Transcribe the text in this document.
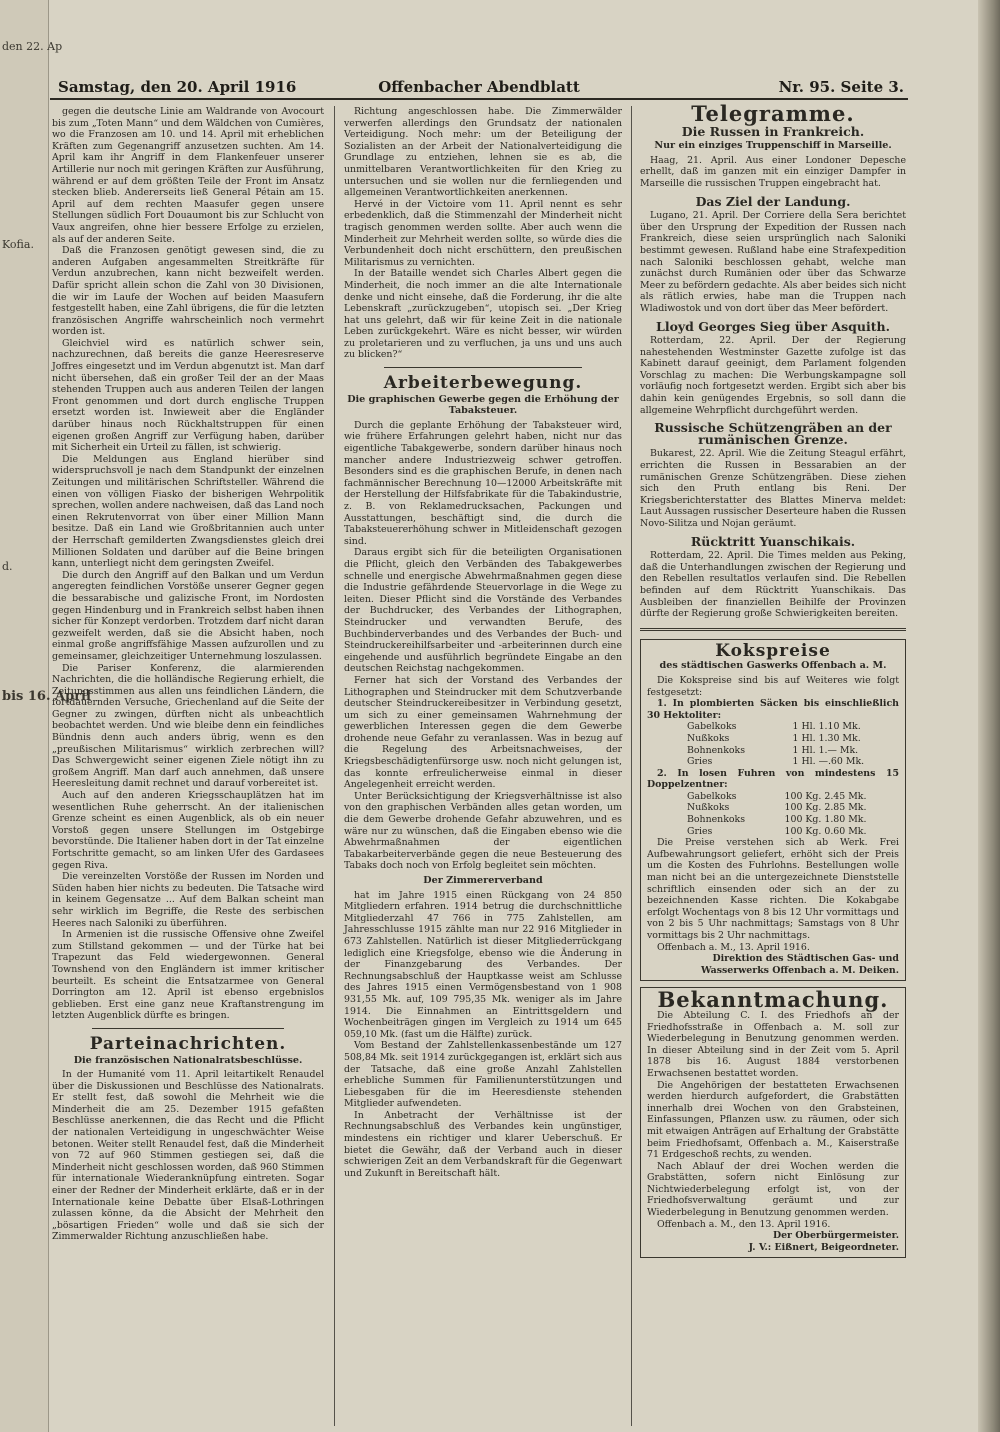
den 22. Ap
d.
Kofia.
bis 16. April
Samstag, den 20. April 1916	Offenbacher Abendblatt	Nr. 95. Seite 3.

gegen die deutsche Linie am Waldrande von Avocourt bis zum „Toten Mann“ und dem Wäldchen von Cumières, wo die Franzosen am 10. und 14. April mit erheblichen Kräften zum Gegenangriff anzusetzen suchten. Am 14. April kam ihr Angriff in dem Flankenfeuer unserer Artillerie nur noch mit geringen Kräften zur Ausführung, während er auf dem größten Teile der Front im Ansatz stecken blieb. Andererseits ließ General Pétain am 15. April auf dem rechten Maasufer gegen unsere Stellungen südlich Fort Douaumont bis zur Schlucht von Vaux angreifen, ohne hier bessere Erfolge zu erzielen, als auf der anderen Seite.

Daß die Franzosen genötigt gewesen sind, die zu anderen Aufgaben angesammelten Streitkräfte für Verdun anzubrechen, kann nicht bezweifelt werden. Dafür spricht allein schon die Zahl von 30 Divisionen, die wir im Laufe der Wochen auf beiden Maasufern festgestellt haben, eine Zahl übrigens, die für die letzten französischen Angriffe wahrscheinlich noch vermehrt worden ist.

Gleichviel wird es natürlich schwer sein, nachzurechnen, daß bereits die ganze Heeresreserve Joffres eingesetzt und im Verdun abgenutzt ist. Man darf nicht übersehen, daß ein großer Teil der an der Maas stehenden Truppen auch aus anderen Teilen der langen Front genommen und dort durch englische Truppen ersetzt worden ist. Inwieweit aber die Engländer darüber hinaus noch Rückhaltstruppen für einen eigenen großen Angriff zur Verfügung haben, darüber mit Sicherheit ein Urteil zu fällen, ist schwierig.

Die Meldungen aus England hierüber sind widerspruchsvoll je nach dem Standpunkt der einzelnen Zeitungen und militärischen Schriftsteller. Während die einen von völligen Fiasko der bisherigen Wehrpolitik sprechen, wollen andere nachweisen, daß das Land noch einen Rekrutenvorrat von über einer Million Mann besitze. Daß ein Land wie Großbritannien auch unter der Herrschaft gemilderten Zwangsdienstes gleich drei Millionen Soldaten und darüber auf die Beine bringen kann, unterliegt nicht dem geringsten Zweifel.

Die durch den Angriff auf den Balkan und um Verdun angeregten feindlichen Vorstöße unserer Gegner gegen die bessarabische und galizische Front, im Nordosten gegen Hindenburg und in Frankreich selbst haben ihnen sicher für Konzept verdorben. Trotzdem darf nicht daran gezweifelt werden, daß sie die Absicht haben, noch einmal große angriffsfähige Massen aufzurollen und zu gemeinsamer, gleichzeitiger Unternehmung loszulassen.

Die Pariser Konferenz, die alarmierenden Nachrichten, die die holländische Regierung erhielt, die Zeitungsstimmen aus allen uns feindlichen Ländern, die fortdauernden Versuche, Griechenland auf die Seite der Gegner zu zwingen, dürften nicht als unbeachtlich beobachtet werden. Und wie bleibe denn ein feindliches Bündnis denn auch anders übrig, wenn es den „preußischen Militarismus“ wirklich zerbrechen will? Das Schwergewicht seiner eigenen Ziele nötigt ihn zu großem Angriff. Man darf auch annehmen, daß unsere Heeresleitung damit rechnet und darauf vorbereitet ist.

Auch auf den anderen Kriegsschauplätzen hat im wesentlichen Ruhe geherrscht. An der italienischen Grenze scheint es einen Augenblick, als ob ein neuer Vorstoß gegen unsere Stellungen im Ostgebirge bevorstünde. Die Italiener haben dort in der Tat einzelne Fortschritte gemacht, so am linken Ufer des Gardasees gegen Riva.

Die vereinzelten Vorstöße der Russen im Norden und Süden haben hier nichts zu bedeuten. Die Tatsache wird in keinem Gegensatze ... Auf dem Balkan scheint man sehr wirklich im Begriffe, die Reste des serbischen Heeres nach Saloniki zu überführen.

In Armenien ist die russische Offensive ohne Zweifel zum Stillstand gekommen — und der Türke hat bei Trapezunt das Feld wiedergewonnen. General Townshend von den Engländern ist immer kritischer beurteilt. Es scheint die Entsatzarmee von General Dorrington am 12. April ist ebenso ergebnislos geblieben. Erst eine ganz neue Kraftanstrengung im letzten Augenblick dürfte es bringen.

Parteinachrichten.
Die französischen Nationalratsbeschlüsse.

In der Humanité vom 11. April leitartikelt Renaudel über die Diskussionen und Beschlüsse des Nationalrats. Er stellt fest, daß sowohl die Mehrheit wie die Minderheit die am 25. Dezember 1915 gefaßten Beschlüsse anerkennen, die das Recht und die Pflicht der nationalen Verteidigung in ungeschwächter Weise betonen. Weiter stellt Renaudel fest, daß die Minderheit von 72 auf 960 Stimmen gestiegen sei, daß die Minderheit nicht geschlossen worden, daß 960 Stimmen für internationale Wiederanknüpfung eintreten. Sogar einer der Redner der Minderheit erklärte, daß er in der Internationale keine Debatte über Elsaß-Lothringen zulassen könne, da die Absicht der Mehrheit den „bösartigen Frieden“ wolle und daß sie sich der Zimmerwalder Richtung anzuschließen habe.

Richtung angeschlossen habe. Die Zimmerwälder verwerfen allerdings den Grundsatz der nationalen Verteidigung. Noch mehr: um der Beteiligung der Sozialisten an der Arbeit der Nationalverteidigung die Grundlage zu entziehen, lehnen sie es ab, die unmittelbaren Verantwortlichkeiten für den Krieg zu untersuchen und sie wollen nur die fernliegenden und allgemeinen Verantwortlichkeiten anerkennen.

Hervé in der Victoire vom 11. April nennt es sehr erbedenklich, daß die Stimmenzahl der Minderheit nicht tragisch genommen werden sollte. Aber auch wenn die Minderheit zur Mehrheit werden sollte, so würde dies die Verbundenheit doch nicht erschüttern, den preußischen Militarismus zu vernichten.

In der Bataille wendet sich Charles Albert gegen die Minderheit, die noch immer an die alte Internationale denke und nicht einsehe, daß die Forderung, ihr die alte Lebenskraft „zurückzugeben“, utopisch sei. „Der Krieg hat uns gelehrt, daß wir für keine Zeit in die nationale Leben zurückgekehrt. Wäre es nicht besser, wir würden zu proletarieren und zu verfluchen, ja uns und uns auch zu blicken?“

Arbeiterbewegung.
Die graphischen Gewerbe gegen die Erhöhung der Tabaksteuer.

Durch die geplante Erhöhung der Tabaksteuer wird, wie frühere Erfahrungen gelehrt haben, nicht nur das eigentliche Tabakgewerbe, sondern darüber hinaus noch mancher andere Industriezweig schwer getroffen. Besonders sind es die graphischen Berufe, in denen nach fachmännischer Berechnung 10—12000 Arbeitskräfte mit der Herstellung der Hilfsfabrikate für die Tabakindustrie, z. B. von Reklamedrucksachen, Packungen und Ausstattungen, beschäftigt sind, die durch die Tabaksteuererhöhung schwer in Mitleidenschaft gezogen sind.

Daraus ergibt sich für die beteiligten Organisationen die Pflicht, gleich den Verbänden des Tabakgewerbes schnelle und energische Abwehrmaßnahmen gegen diese die Industrie gefährdende Steuervorlage in die Wege zu leiten. Dieser Pflicht sind die Vorstände des Verbandes der Buchdrucker, des Verbandes der Lithographen, Steindrucker und verwandten Berufe, des Buchbinderverbandes und des Verbandes der Buch- und Steindruckereihilfsarbeiter und -arbeiterinnen durch eine eingehende und ausführlich begründete Eingabe an den deutschen Reichstag nachgekommen.

Ferner hat sich der Vorstand des Verbandes der Lithographen und Steindrucker mit dem Schutzverbande deutscher Steindruckereibesitzer in Verbindung gesetzt, um sich zu einer gemeinsamen Wahrnehmung der gewerblichen Interessen gegen die dem Gewerbe drohende neue Gefahr zu veranlassen. Was in bezug auf die Regelung des Arbeitsnachweises, der Kriegsbeschädigtenfürsorge usw. noch nicht gelungen ist, das konnte erfreulicherweise einmal in dieser Angelegenheit erreicht werden.

Unter Berücksichtigung der Kriegsverhältnisse ist also von den graphischen Verbänden alles getan worden, um die dem Gewerbe drohende Gefahr abzuwehren, und es wäre nur zu wünschen, daß die Eingaben ebenso wie die Abwehrmaßnahmen der eigentlichen Tabakarbeiterverbände gegen die neue Besteuerung des Tabaks doch noch von Erfolg begleitet sein möchten.

Der Zimmererverband

hat im Jahre 1915 einen Rückgang von 24 850 Mitgliedern erfahren. 1914 betrug die durchschnittliche Mitgliederzahl 47 766 in 775 Zahlstellen, am Jahresschlusse 1915 zählte man nur 22 916 Mitglieder in 673 Zahlstellen. Natürlich ist dieser Mitgliederrückgang lediglich eine Kriegsfolge, ebenso wie die Änderung in der Finanzgebarung des Verbandes. Der Rechnungsabschluß der Hauptkasse weist am Schlusse des Jahres 1915 einen Vermögensbestand von 1 908 931,55 Mk. auf, 109 795,35 Mk. weniger als im Jahre 1914. Die Einnahmen an Eintrittsgeldern und Wochenbeiträgen gingen im Vergleich zu 1914 um 645 059,10 Mk. (fast um die Hälfte) zurück.

Vom Bestand der Zahlstellenkassenbestände um 127 508,84 Mk. seit 1914 zurückgegangen ist, erklärt sich aus der Tatsache, daß eine große Anzahl Zahlstellen erhebliche Summen für Familienunterstützungen und Liebesgaben für die im Heeresdienste stehenden Mitglieder aufwendeten.

In Anbetracht der Verhältnisse ist der Rechnungsabschluß des Verbandes kein ungünstiger, mindestens ein richtiger und klarer Ueberschuß. Er bietet die Gewähr, daß der Verband auch in dieser schwierigen Zeit an dem Verbandskraft für die Gegenwart und Zukunft in Bereitschaft hält.

Telegramme.
Die Russen in Frankreich.
Nur ein einziges Truppenschiff in Marseille.

Haag, 21. April. Aus einer Londoner Depesche erhellt, daß im ganzen mit ein einziger Dampfer in Marseille die russischen Truppen eingebracht hat.

Das Ziel der Landung.

Lugano, 21. April. Der Corriere della Sera berichtet über den Ursprung der Expedition der Russen nach Frankreich, diese seien ursprünglich nach Saloniki bestimmt gewesen. Rußland habe eine Strafexpedition nach Saloniki beschlossen gehabt, welche man zunächst durch Rumänien oder über das Schwarze Meer zu befördern gedachte. Als aber beides sich nicht als rätlich erwies, habe man die Truppen nach Wladiwostok und von dort über das Meer befördert.

Lloyd Georges Sieg über Asquith.

Rotterdam, 22. April. Der der Regierung nahestehenden Westminster Gazette zufolge ist das Kabinett darauf geeinigt, dem Parlament folgenden Vorschlag zu machen: Die Werbungskampagne soll vorläufig noch fortgesetzt werden. Ergibt sich aber bis dahin kein genügendes Ergebnis, so soll dann die allgemeine Wehrpflicht durchgeführt werden.

Russische Schützengräben an der rumänischen Grenze.

Bukarest, 22. April. Wie die Zeitung Steagul erfährt, errichten die Russen in Bessarabien an der rumänischen Grenze Schützengräben. Diese ziehen sich den Pruth entlang bis Reni. Der Kriegsberichterstatter des Blattes Minerva meldet: Laut Aussagen russischer Deserteure haben die Russen Novo-Silitza und Nojan geräumt.

Rücktritt Yuanschikais.

Rotterdam, 22. April. Die Times melden aus Peking, daß die Unterhandlungen zwischen der Regierung und den Rebellen resultatlos verlaufen sind. Die Rebellen befinden auf dem Rücktritt Yuanschikais. Das Ausbleiben der finanziellen Beihilfe der Provinzen dürfte der Regierung große Schwierigkeiten bereiten.

Kokspreise
des städtischen Gaswerks Offenbach a. M.

Die Kokspreise sind bis auf Weiteres wie folgt festgesetzt:

1. In plombierten Säcken bis einschließlich 30 Hektoliter:

Gabelkoks	1 Hl. 1.10 Mk.
Nußkoks	1 Hl. 1.30 Mk.
Bohnenkoks	1 Hl. 1.— Mk.
Gries	1 Hl. —.60 Mk.

2. In losen Fuhren von mindestens 15 Doppelzentner:

Gabelkoks	100 Kg. 2.45 Mk.
Nußkoks	100 Kg. 2.85 Mk.
Bohnenkoks	100 Kg. 1.80 Mk.
Gries	100 Kg. 0.60 Mk.

Die Preise verstehen sich ab Werk. Frei Aufbewahrungsort geliefert, erhöht sich der Preis um die Kosten des Fuhrlohns. Bestellungen wolle man nicht bei an die untergezeichnete Dienststelle schriftlich einsenden oder sich an der zu bezeichnenden Kasse richten. Die Kokabgabe erfolgt Wochentags von 8 bis 12 Uhr vormittags und von 2 bis 5 Uhr nachmittags; Samstags von 8 Uhr vormittags bis 2 Uhr nachmittags.

Offenbach a. M., 13. April 1916.

Direktion des Städtischen Gas- und Wasserwerks Offenbach a. M. Deiken.
Bekanntmachung.

Die Abteilung C. I. des Friedhofs an der Friedhofsstraße in Offenbach a. M. soll zur Wiederbelegung in Benutzung genommen werden. In dieser Abteilung sind in der Zeit vom 5. April 1878 bis 16. August 1884 verstorbenen Erwachsenen bestattet worden.

Die Angehörigen der bestatteten Erwachsenen werden hierdurch aufgefordert, die Grabstätten innerhalb drei Wochen von den Grabsteinen, Einfassungen, Pflanzen usw. zu räumen, oder sich mit etwaigen Anträgen auf Erhaltung der Grabstätte beim Friedhofsamt, Offenbach a. M., Kaiserstraße 71 Erdgeschoß rechts, zu wenden.

Nach Ablauf der drei Wochen werden die Grabstätten, sofern nicht Einlösung zur Nichtwiederbelegung erfolgt ist, von der Friedhofsverwaltung geräumt und zur Wiederbelegung in Benutzung genommen werden.

Offenbach a. M., den 13. April 1916.

Der Oberbürgermeister.
J. V.: Eißnert, Beigeordneter.
